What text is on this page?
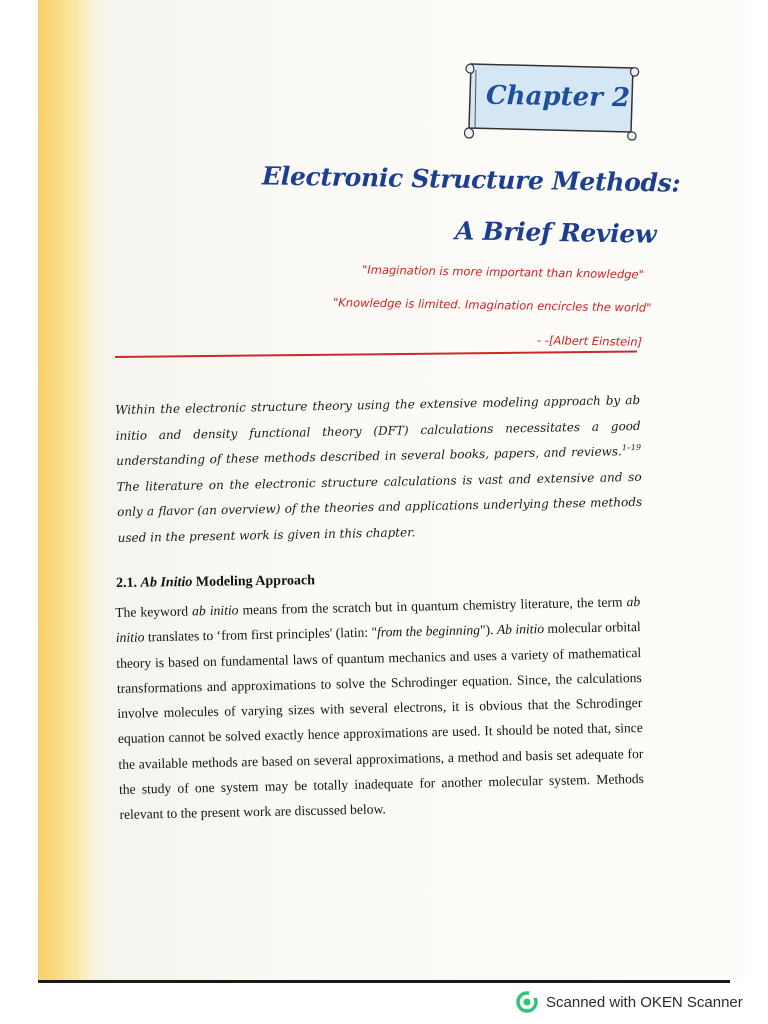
Chapter 2
Electronic Structure Methods:
A Brief Review
"Imagination is more important than knowledge"
"Knowledge is limited. Imagination encircles the world"
- -[Albert Einstein]

Within the electronic structure theory using the extensive modeling approach by ab initio and density functional theory (DFT) calculations necessitates a good understanding of these methods described in several books, papers, and reviews.$^{1-19}$ The literature on the electronic structure calculations is vast and extensive and so only a flavor (an overview) of the theories and applications underlying these methods used in the present work is given in this chapter.

2.1. Ab Initio Modeling Approach

The keyword ab initio means from the scratch but in quantum chemistry literature, the term ab initio translates to ‘from first principles' (latin: "from the beginning"). Ab initio molecular orbital theory is based on fundamental laws of quantum mechanics and uses a variety of mathematical transformations and approximations to solve the Schrodinger equation. Since, the calculations involve molecules of varying sizes with several electrons, it is obvious that the Schrodinger equation cannot be solved exactly hence approximations are used. It should be noted that, since the available methods are based on several approximations, a method and basis set adequate for the study of one system may be totally inadequate for another molecular system. Methods relevant to the present work are discussed below.

Scanned with OKEN Scanner
